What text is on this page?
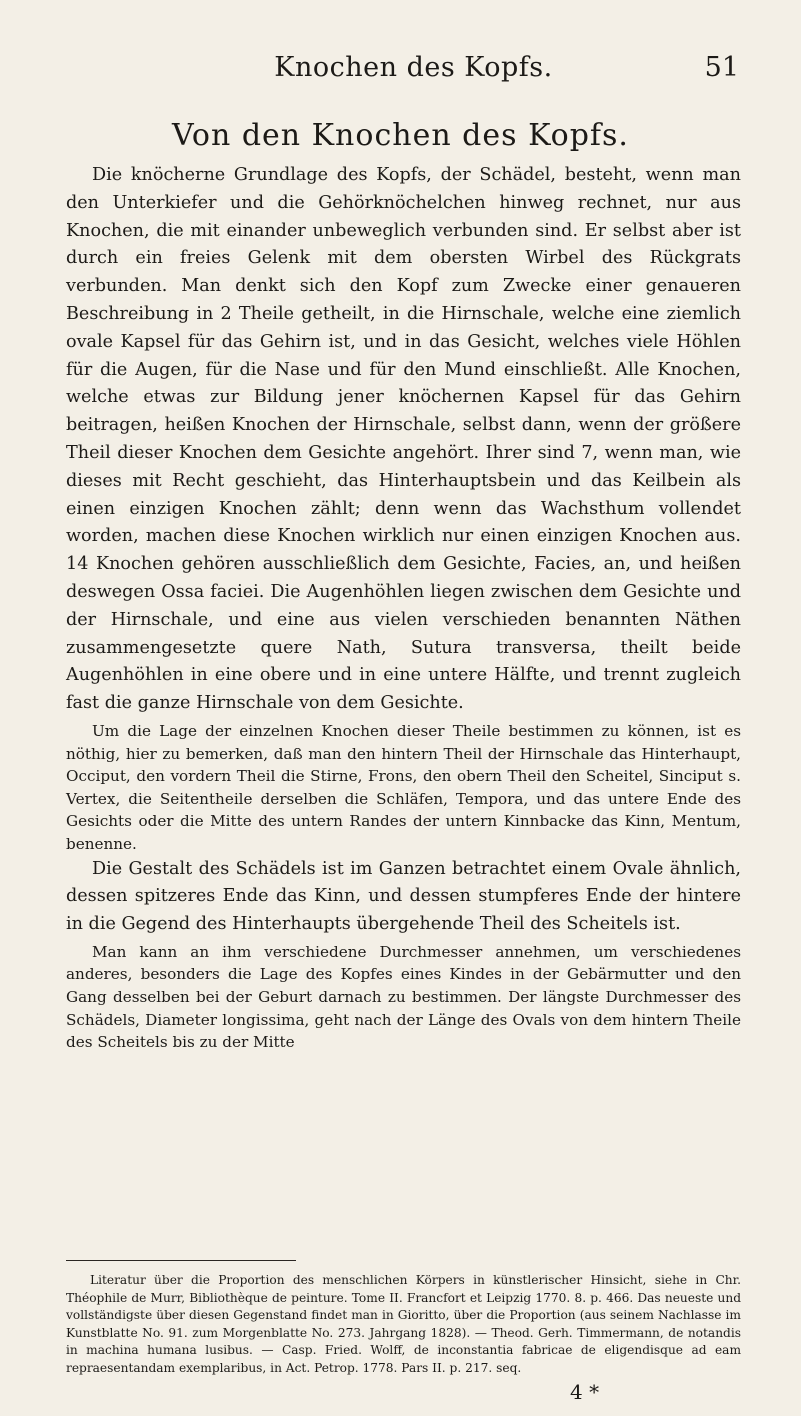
Knochen des Kopfs.	51
Von den Knochen des Kopfs.

Die knöcherne Grundlage des Kopfs, der Schädel, besteht, wenn man den Unterkiefer und die Gehörknöchelchen hinweg rechnet, nur aus Knochen, die mit einander unbeweglich verbunden sind. Er selbst aber ist durch ein freies Gelenk mit dem obersten Wirbel des Rückgrats verbunden. Man denkt sich den Kopf zum Zwecke einer genaueren Beschreibung in 2 Theile getheilt, in die Hirnschale, welche eine ziemlich ovale Kapsel für das Gehirn ist, und in das Gesicht, welches viele Höhlen für die Augen, für die Nase und für den Mund einschließt. Alle Knochen, welche etwas zur Bildung jener knöchernen Kapsel für das Gehirn beitragen, heißen Knochen der Hirnschale, selbst dann, wenn der größere Theil dieser Knochen dem Gesichte angehört. Ihrer sind 7, wenn man, wie dieses mit Recht geschieht, das Hinterhauptsbein und das Keilbein als einen einzigen Knochen zählt; denn wenn das Wachsthum vollendet worden, machen diese Knochen wirklich nur einen einzigen Knochen aus. 14 Knochen gehören ausschließlich dem Gesichte, Facies, an, und heißen deswegen Ossa faciei. Die Augenhöhlen liegen zwischen dem Gesichte und der Hirnschale, und eine aus vielen verschieden benannten Näthen zusammengesetzte quere Nath, Sutura transversa, theilt beide Augenhöhlen in eine obere und in eine untere Hälfte, und trennt zugleich fast die ganze Hirnschale von dem Gesichte.

Um die Lage der einzelnen Knochen dieser Theile bestimmen zu können, ist es nöthig, hier zu bemerken, daß man den hintern Theil der Hirnschale das Hinterhaupt, Occiput, den vordern Theil die Stirne, Frons, den obern Theil den Scheitel, Sinciput s. Vertex, die Seitentheile derselben die Schläfen, Tempora, und das untere Ende des Gesichts oder die Mitte des untern Randes der untern Kinnbacke das Kinn, Mentum, benenne.

Die Gestalt des Schädels ist im Ganzen betrachtet einem Ovale ähnlich, dessen spitzeres Ende das Kinn, und dessen stumpferes Ende der hintere in die Gegend des Hinterhaupts übergehende Theil des Scheitels ist.

Man kann an ihm verschiedene Durchmesser annehmen, um verschiedenes anderes, besonders die Lage des Kopfes eines Kindes in der Gebärmutter und den Gang desselben bei der Geburt darnach zu bestimmen. Der längste Durchmesser des Schädels, Diameter longissima, geht nach der Länge des Ovals von dem hintern Theile des Scheitels bis zu der Mitte

Literatur über die Proportion des menschlichen Körpers in künstlerischer Hinsicht, siehe in Chr. Théophile de Murr, Bibliothèque de peinture. Tome II. Francfort et Leipzig 1770. 8. p. 466. Das neueste und vollständigste über diesen Gegenstand findet man in Gioritto, über die Proportion (aus seinem Nachlasse im Kunstblatte No. 91. zum Morgenblatte No. 273. Jahrgang 1828). — Theod. Gerh. Timmermann, de notandis in machina humana lusibus. — Casp. Fried. Wolff, de inconstantia fabricae de eligendisque ad eam repraesentandam exemplaribus, in Act. Petrop. 1778. Pars II. p. 217. seq.

4 *
